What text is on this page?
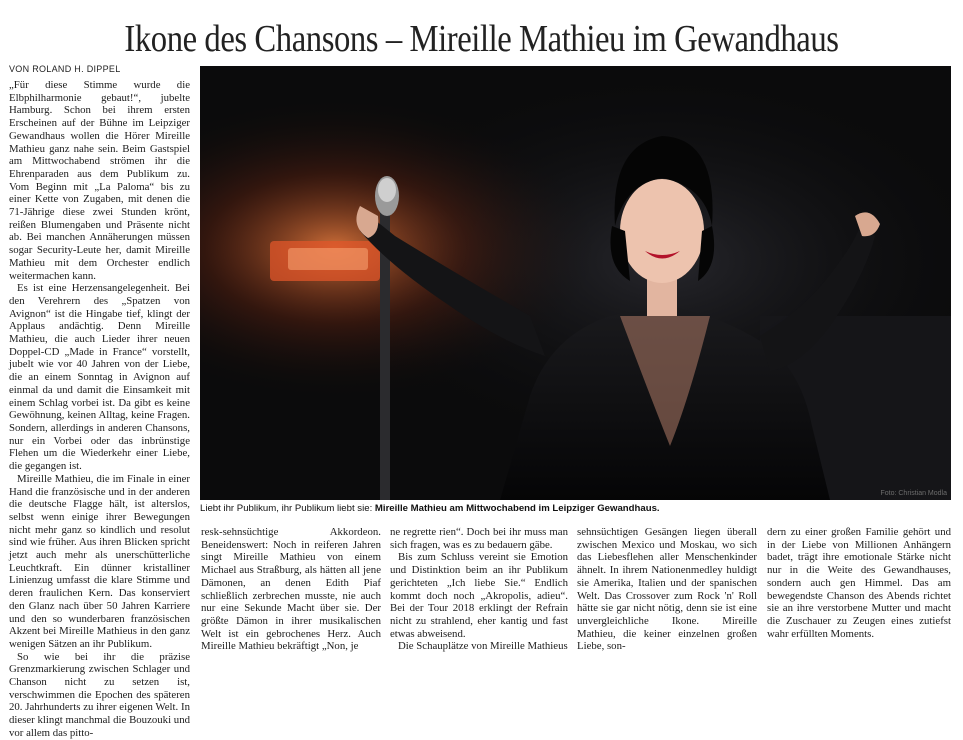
Ikone des Chansons – Mireille Mathieu im Gewandhaus
VON ROLAND H. DIPPEL

„Für diese Stimme wurde die Elbphilharmonie gebaut!“, jubelte Hamburg. Schon bei ihrem ersten Erscheinen auf der Bühne im Leipziger Gewandhaus wollen die Hörer Mireille Mathieu ganz nahe sein. Beim Gastspiel am Mittwochabend strömen ihr die Ehrenparaden aus dem Publikum zu. Vom Beginn mit „La Paloma“ bis zu einer Kette von Zugaben, mit denen die 71-Jährige diese zwei Stunden krönt, reißen Blumengaben und Präsente nicht ab. Bei manchen Annäherungen müssen sogar Security-Leute her, damit Mireille Mathieu mit dem Orchester endlich weitermachen kann.

Es ist eine Herzensangelegenheit. Bei den Verehrern des „Spatzen von Avignon“ ist die Hingabe tief, klingt der Applaus andächtig. Denn Mireille Mathieu, die auch Lieder ihrer neuen Doppel-CD „Made in France“ vorstellt, jubelt wie vor 40 Jahren von der Liebe, die an einem Sonntag in Avignon auf einmal da und damit die Einsamkeit mit einem Schlag vorbei ist. Da gibt es keine Gewöhnung, keinen Alltag, keine Fragen. Sondern, allerdings in anderen Chansons, nur ein Vorbei oder das inbrünstige Flehen um die Wiederkehr einer Liebe, die gegangen ist.

Mireille Mathieu, die im Finale in einer Hand die französische und in der anderen die deutsche Flagge hält, ist alterslos, selbst wenn einige ihrer Bewegungen nicht mehr ganz so kindlich und resolut sind wie früher. Aus ihren Blicken spricht jetzt auch mehr als unerschütterliche Leuchtkraft. Ein dünner kristalliner Linienzug umfasst die klare Stimme und deren fraulichen Kern. Das konserviert den Glanz nach über 50 Jahren Karriere und den so wunderbaren französischen Akzent bei Mireille Mathieus in den ganz wenigen Sätzen an ihr Publikum.

So wie bei ihr die präzise Grenzmarkierung zwischen Schlager und Chanson nicht zu setzen ist, verschwimmen die Epochen des späteren 20. Jahrhunderts zu ihrer eigenen Welt. In dieser klingt manchmal die Bouzouki und vor allem das pitto-

Foto: Christian Modla
Liebt ihr Publikum, ihr Publikum liebt sie: Mireille Mathieu am Mittwochabend im Leipziger Gewandhaus.

resk-sehnsüchtige Akkordeon. Beneidenswert: Noch in reiferen Jahren singt Mireille Mathieu von einem Michael aus Straßburg, als hätten all jene Dämonen, an denen Edith Piaf schließlich zerbrechen musste, nie auch nur eine Sekunde Macht über sie. Der größte Dämon in ihrer musikalischen Welt ist ein gebrochenes Herz. Auch Mireille Mathieu bekräftigt „Non, je

ne regrette rien“. Doch bei ihr muss man sich fragen, was es zu bedauern gäbe.

Bis zum Schluss vereint sie Emotion und Distinktion beim an ihr Publikum gerichteten „Ich liebe Sie.“ Endlich kommt doch noch „Akropolis, adieu“. Bei der Tour 2018 erklingt der Refrain nicht zu strahlend, eher kantig und fast etwas abweisend.

Die Schauplätze von Mireille Mathieus

sehnsüchtigen Gesängen liegen überall zwischen Mexico und Moskau, wo sich das Liebesflehen aller Menschenkinder ähnelt. In ihrem Nationenmedley huldigt sie Amerika, Italien und der spanischen Welt. Das Crossover zum Rock 'n' Roll hätte sie gar nicht nötig, denn sie ist eine unvergleichliche Ikone. Mireille Mathieu, die keiner einzelnen großen Liebe, son-

dern zu einer großen Familie gehört und in der Liebe von Millionen Anhängern badet, trägt ihre emotionale Stärke nicht nur in die Weite des Gewandhauses, sondern auch gen Himmel. Das am bewegendste Chanson des Abends richtet sie an ihre verstorbene Mutter und macht die Zuschauer zu Zeugen eines zutiefst wahr erfüllten Moments.
